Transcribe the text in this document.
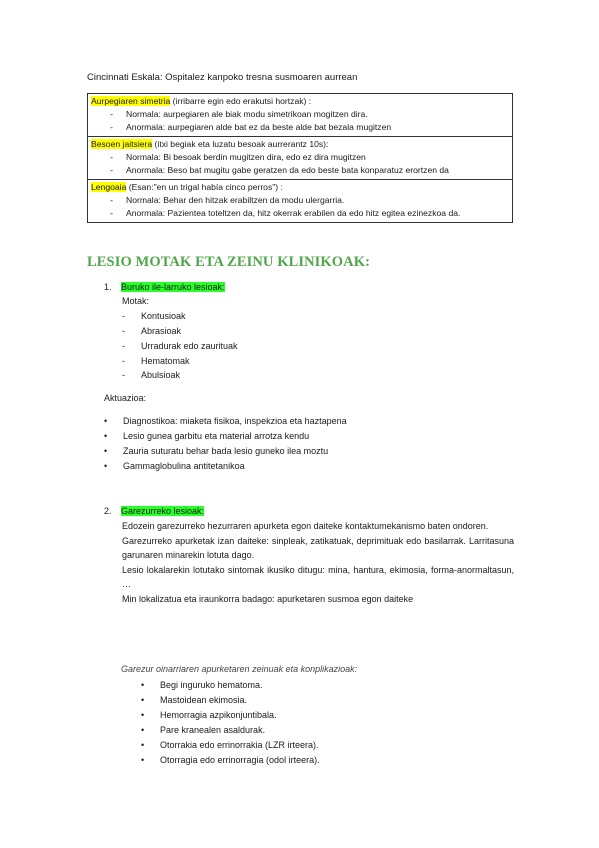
Cincinnati Eskala: Ospitalez kanpoko tresna susmoaren aurrean
Aurpegiaren simetria (irribarre egin edo erakutsi hortzak) :
-	Normala: aurpegiaren ale biak modu simetrikoan mogitzen dira.
-	Anormala: aurpegiaren alde bat ez da beste alde bat bezala mugitzen
Besoen jaitsiera (itxi begiak eta luzatu besoak aurrerantz 10s):
-	Normala: Bi besoak berdin mugitzen dira, edo ez dira mugitzen
-	Anormala: Beso bat mugitu gabe geratzen da edo beste bata konparatuz erortzen da
Lengoaia (Esan:"en un trigal había cinco perros") :
-	Normala: Behar den hitzak erabiltzen da modu ulergarria.
-	Anormala: Pazientea toteltzen da, hitz okerrak erabilen da edo hitz egitea ezinezkoa da.
LESIO MOTAK ETA ZEINU KLINIKOAK:
1. Buruko ile-larruko lesioak:
Motak:
- Kontusioak
- Abrasioak
- Urradurak edo zaurituak
- Hematomak
- Abulsioak
Aktuazioa:
• Diagnostikoa: miaketa fisikoa, inspekzioa eta haztapena
• Lesio gunea garbitu eta material arrotza kendu
• Zauria suturatu behar bada lesio guneko ilea moztu
• Gammaglobulina antitetanikoa
2. Garezurreko lesioak:

Edozein garezurreko hezurraren apurketa egon daiteke kontaktumekanismo baten ondoren.

Garezurreko apurketak izan daiteke: sinpleak, zatikatuak, deprimituak edo basilarrak. Larritasuna garunaren minarekin lotuta dago.

Lesio lokalarekin lotutako sintomak ikusiko ditugu: mina, hantura, ekimosia, forma-anormaltasun, …

Min lokalizatua eta iraunkorra badago: apurketaren susmoa egon daiteke

Garezur oinarriaren apurketaren zeinuak eta konplikazioak:
• Begi inguruko hematoma.
• Mastoidean ekimosia.
• Hemorragia azpikonjuntibala.
• Pare kranealen asaldurak.
• Otorrakia edo errinorrakia (LZR irteera).
• Otorragia edo errinorragia (odol irteera).
